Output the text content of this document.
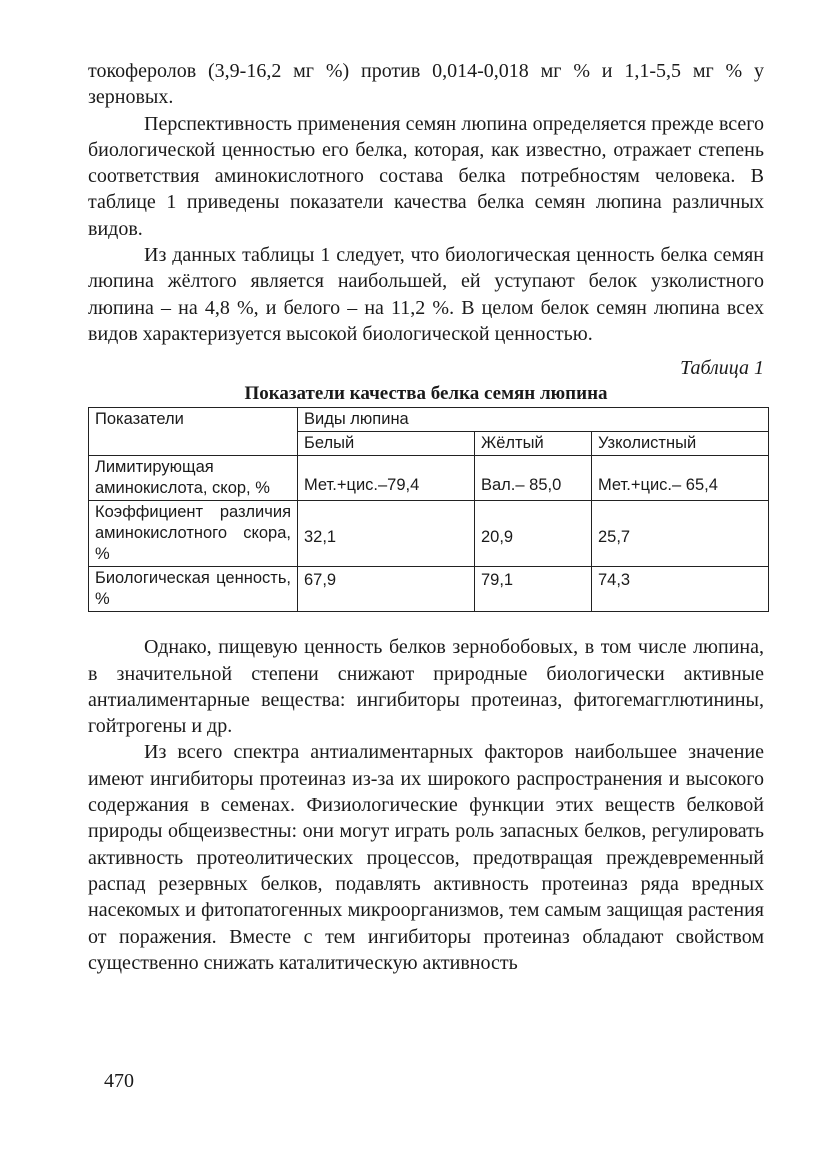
токоферолов (3,9-16,2 мг %) против 0,014-0,018 мг % и 1,1-5,5 мг % у зерновых.

Перспективность применения семян люпина определяется прежде всего биологической ценностью его белка, которая, как известно, отражает степень соответствия аминокислотного состава белка потребностям человека. В таблице 1 приведены показатели качества белка семян люпина различных видов.

Из данных таблицы 1 следует, что биологическая ценность белка семян люпина жёлтого является наибольшей, ей уступают белок узколистного люпина – на 4,8 %, и белого – на 11,2 %. В целом белок семян люпина всех видов характеризуется высокой биологической ценностью.

Таблица 1
Показатели качества белка семян люпина
Показатели	Виды люпина		
	Белый	Жёлтый	Узколистный
Лимитирующая аминокислота, скор, %	Мет.+цис.–79,4	Вал.– 85,0	Мет.+цис.– 65,4
Коэффициент различия аминокислотного скора, %	32,1	20,9	25,7
Биологическая ценность, %	67,9	79,1	74,3

Однако, пищевую ценность белков зернобобовых, в том числе люпина, в значительной степени снижают природные биологически активные антиалиментарные вещества: ингибиторы протеиназ, фитогемагглютинины, гойтрогены и др.

Из всего спектра антиалиментарных факторов наибольшее значение имеют ингибиторы протеиназ из-за их широкого распространения и высокого содержания в семенах. Физиологические функции этих веществ белковой природы общеизвестны: они могут играть роль запасных белков, регулировать активность протеолитических процессов, предотвращая преждевременный распад резервных белков, подавлять активность протеиназ ряда вредных насекомых и фитопатогенных микроорганизмов, тем самым защищая растения от поражения. Вместе с тем ингибиторы протеиназ обладают свойством существенно снижать каталитическую активность

470
